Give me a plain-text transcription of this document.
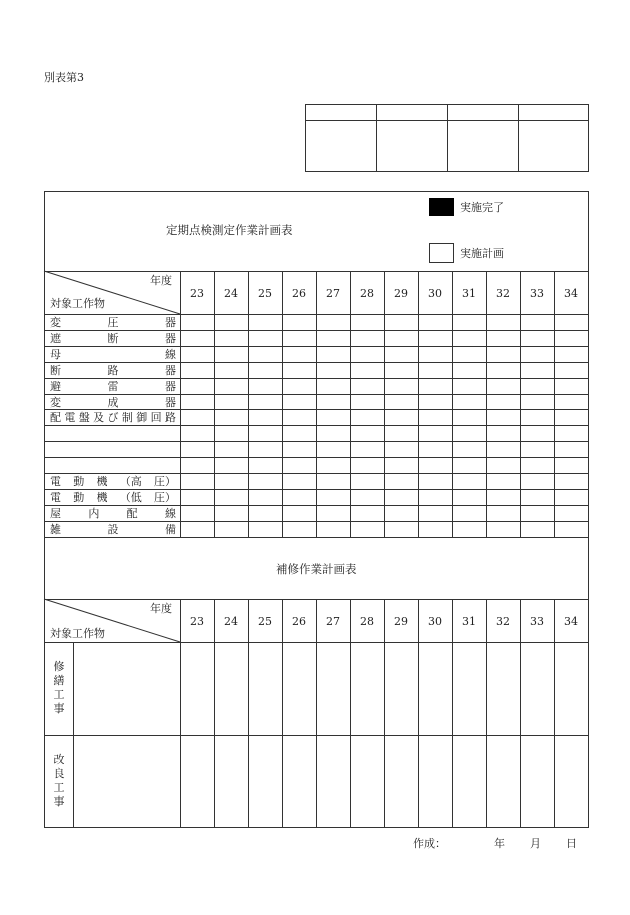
別表第3
23	24	25	26	27	28	29	30	31	32	33	34
変	圧	器
遮	断	器
母	線
断	路	器
避	雷	器
変	成	器
配 電 盤 及 び 制 御 回 路
電 動 機 （高 圧）
電 動 機 （低 圧）
屋 内 配 線
雑	設	備
23	24	25	26	27	28	29	30	31	32	33	34
修
繕
工
事
改
良
工
事
定期点検測定作業計画表
実施完了
実施計画
年度
対象工作物
補修作業計画表
年度
対象工作物
作成：	年 月 日
